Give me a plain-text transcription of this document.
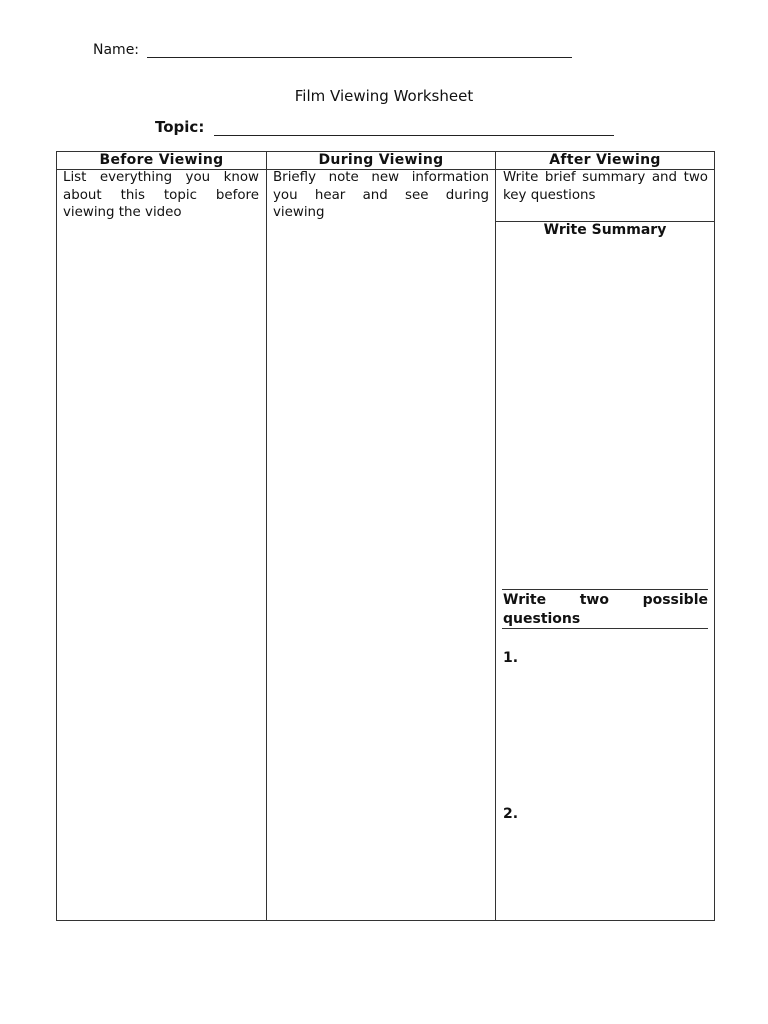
Name:
Film Viewing Worksheet
Topic:
Before Viewing	During Viewing	After Viewing
List everything you know about this topic before viewing the video
Briefly note new information you hear and see during viewing
Write brief summary and two key questions
Write Summary
Write two possible questions
1.
2.
